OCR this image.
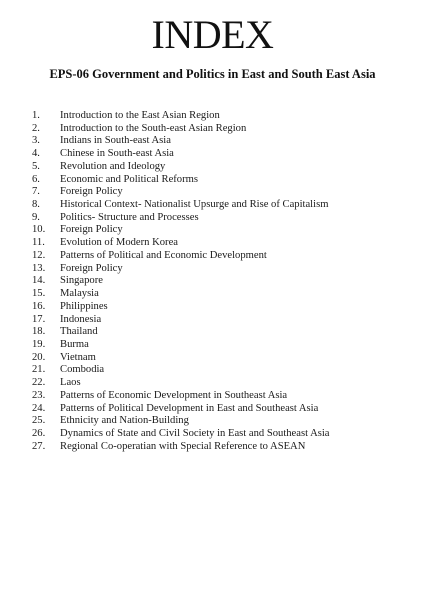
INDEX
EPS-06 Government and Politics in East and South East Asia
1.	Introduction to the East Asian Region
2.	Introduction to the South-east Asian Region
3.	Indians in South-east Asia
4.	Chinese in South-east Asia
5.	Revolution and Ideology
6.	Economic and Political Reforms
7.	Foreign Policy
8.	Historical Context- Nationalist Upsurge and Rise of Capitalism
9.	Politics- Structure and Processes
10.	Foreign Policy
11.	Evolution of Modern Korea
12.	Patterns of Political and Economic Development
13.	Foreign Policy
14.	Singapore
15.	Malaysia
16.	Philippines
17.	Indonesia
18.	Thailand
19.	Burma
20.	Vietnam
21.	Combodia
22.	Laos
23.	Patterns of Economic Development in Southeast Asia
24.	Patterns of Political Development in East and Southeast Asia
25.	Ethnicity and Nation-Building
26.	Dynamics of State and Civil Society in East and Southeast Asia
27.	Regional Co-operatian with Special Reference to ASEAN
